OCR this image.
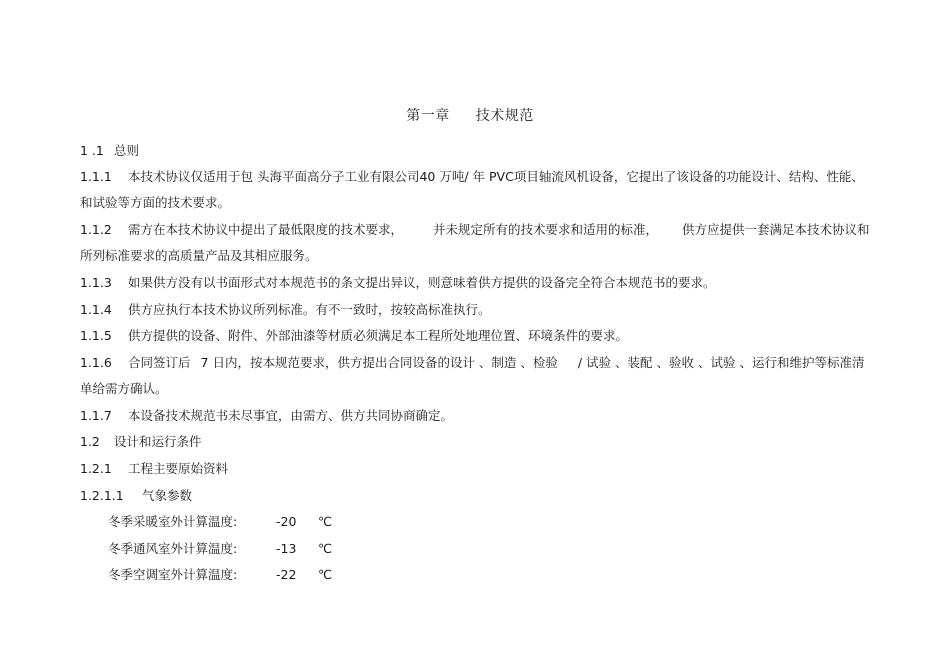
第一章 技术规范
1 .1 总则
1.1.1 本技术协议仅适用于包 头海平面高分子工业有限公司40 万吨/ 年 PVC项目轴流风机设备，它提出了该设备的功能设计、结构、性能、
和试验等方面的技术要求。
1.1.2 需方在本技术协议中提出了最低限度的技术要求， 并未规定所有的技术要求和适用的标准， 供方应提供一套满足本技术协议和
所列标准要求的高质量产品及其相应服务。
1.1.3 如果供方没有以书面形式对本规范书的条文提出异议，则意味着供方提供的设备完全符合本规范书的要求。
1.1.4 供方应执行本技术协议所列标准。有不一致时，按较高标准执行。
1.1.5 供方提供的设备、附件、外部油漆等材质必须满足本工程所处地理位置、环境条件的要求。
1.1.6 合同签订后 7 日内，按本规范要求，供方提出合同设备的设计 、制造 、检验 / 试验 、装配 、验收 、试验 、运行和维护等标准清
单给需方确认。
1.1.7 本设备技术规范书未尽事宜，由需方、供方共同协商确定。
1.2 设计和运行条件
1.2.1 工程主要原始资料
1.2.1.1 气象参数
冬季采暖室外计算温度:	-20 ℃
冬季通风室外计算温度:	-13 ℃
冬季空调室外计算温度:	-22 ℃
